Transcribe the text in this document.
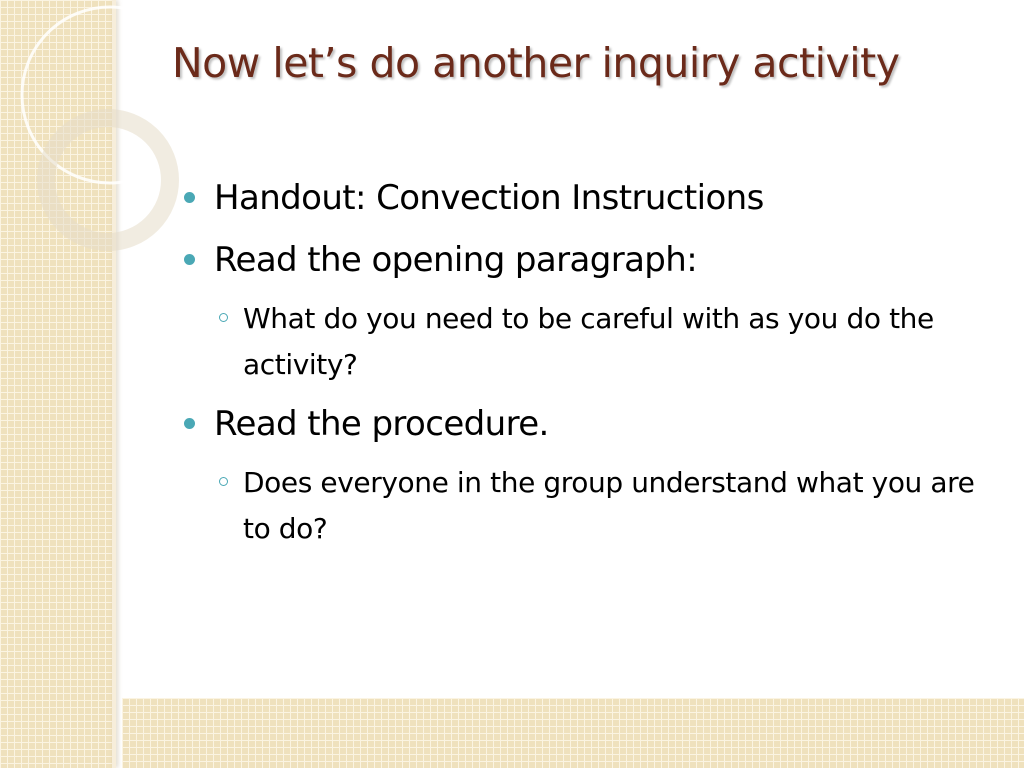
Now let’s do another inquiry activity
Handout: Convection Instructions
Read the opening paragraph:
What do you need to be careful with as you do the activity?
Read the procedure.
Does everyone in the group understand what you are to do?
